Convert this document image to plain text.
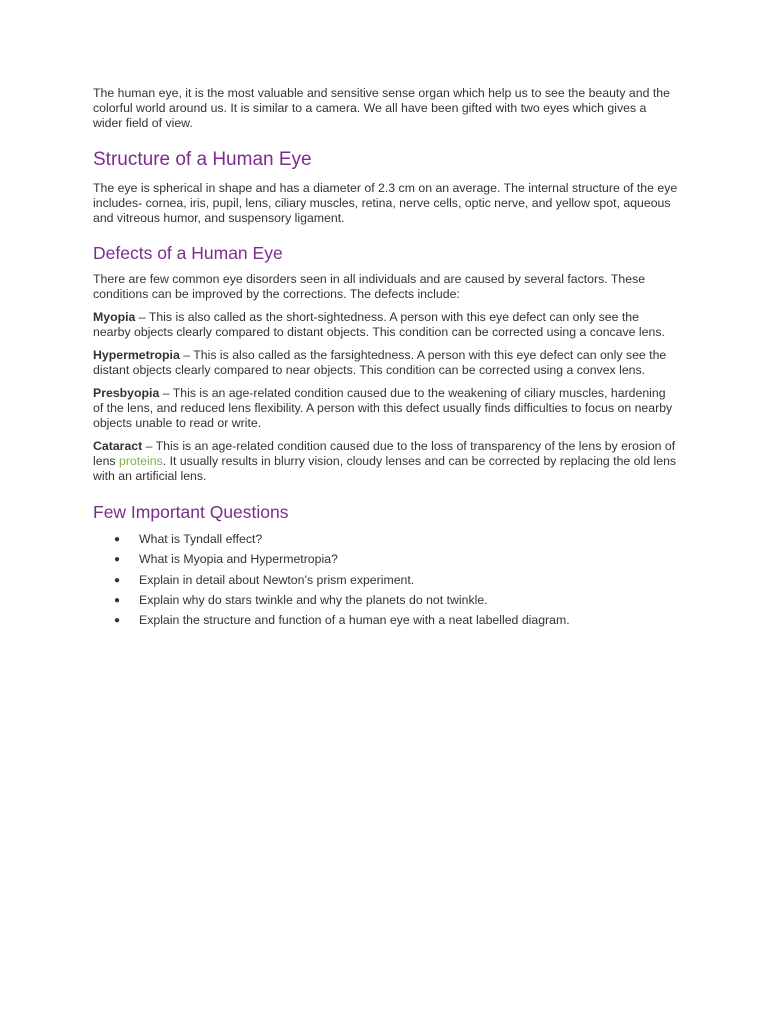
The human eye, it is the most valuable and sensitive sense organ which help us to see the beauty and the colorful world around us. It is similar to a camera. We all have been gifted with two eyes which gives a wider field of view.

Structure of a Human Eye

The eye is spherical in shape and has a diameter of 2.3 cm on an average. The internal structure of the eye includes- cornea, iris, pupil, lens, ciliary muscles, retina, nerve cells, optic nerve, and yellow spot, aqueous and vitreous humor, and suspensory ligament.

Defects of a Human Eye

There are few common eye disorders seen in all individuals and are caused by several factors. These conditions can be improved by the corrections. The defects include:

Myopia – This is also called as the short-sightedness. A person with this eye defect can only see the nearby objects clearly compared to distant objects. This condition can be corrected using a concave lens.

Hypermetropia – This is also called as the farsightedness. A person with this eye defect can only see the distant objects clearly compared to near objects. This condition can be corrected using a convex lens.

Presbyopia – This is an age-related condition caused due to the weakening of ciliary muscles, hardening of the lens, and reduced lens flexibility. A person with this defect usually finds difficulties to focus on nearby objects unable to read or write.

Cataract – This is an age-related condition caused due to the loss of transparency of the lens by erosion of lens proteins. It usually results in blurry vision, cloudy lenses and can be corrected by replacing the old lens with an artificial lens.

Few Important Questions
● What is Tyndall effect?
● What is Myopia and Hypermetropia?
● Explain in detail about Newton’s prism experiment.
● Explain why do stars twinkle and why the planets do not twinkle.
● Explain the structure and function of a human eye with a neat labelled diagram.
